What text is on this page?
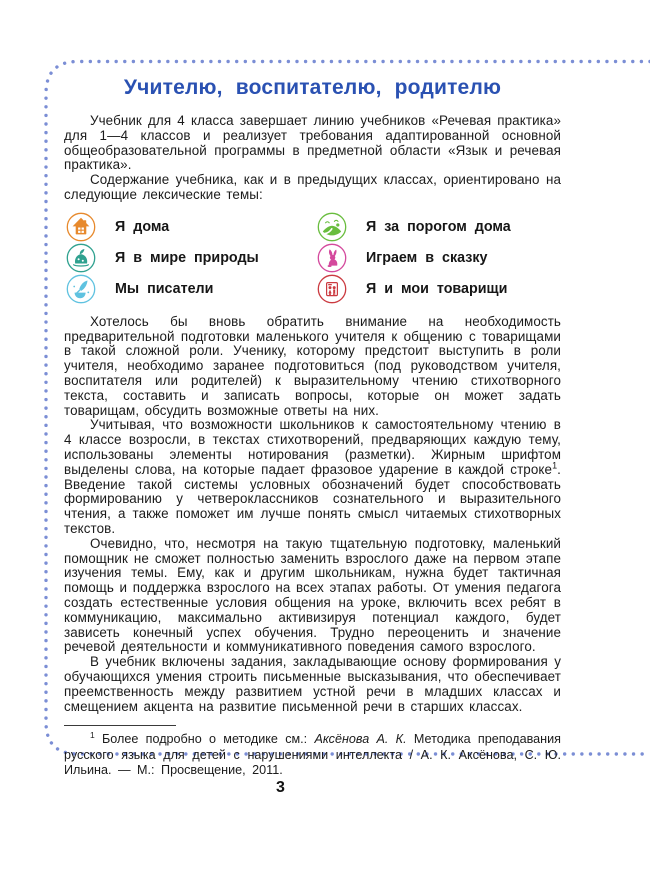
Учителю, воспитателю, родителю

Учебник для 4 класса завершает линию учебников «Речевая практика» для 1—4 классов и реализует требования адаптированной основной общеобразовательной программы в предметной области «Язык и речевая практика».

Содержание учебника, как и в предыдущих классах, ориентировано на следующие лексические темы:

Я дома
Я в мире природы
Мы писатели
Я за порогом дома
Играем в сказку
Я и мои товарищи

Хотелось бы вновь обратить внимание на необходимость предварительной подготовки маленького учителя к общению с товарищами в такой сложной роли. Ученику, которому предстоит выступить в роли учителя, необходимо заранее подготовиться (под руководством учителя, воспитателя или родителей) к выразительному чтению стихотворного текста, составить и записать вопросы, которые он может задать товарищам, обсудить возможные ответы на них.

Учитывая, что возможности школьников к самостоятельному чтению в 4 классе возросли, в текстах стихотворений, предваряющих каждую тему, использованы элементы нотирования (разметки). Жирным шрифтом выделены слова, на которые падает фразовое ударение в каждой строке$^1$. Введение такой системы условных обозначений будет способствовать формированию у четвероклассников сознательного и выразительного чтения, а также поможет им лучше понять смысл читаемых стихотворных текстов.

Очевидно, что, несмотря на такую тщательную подготовку, маленький помощник не сможет полностью заменить взрослого даже на первом этапе изучения темы. Ему, как и другим школьникам, нужна будет тактичная помощь и поддержка взрослого на всех этапах работы. От умения педагога создать естественные условия общения на уроке, включить всех ребят в коммуникацию, максимально активизируя потенциал каждого, будет зависеть конечный успех обучения. Трудно переоценить и значение речевой деятельности и коммуникативного поведения самого взрослого.

В учебник включены задания, закладывающие основу формирования у обучающихся умения строить письменные высказывания, что обеспечивает преемственность между развитием устной речи в младших классах и смещением акцента на развитие письменной речи в старших классах.

$^1$ Более подробно о методике см.: Аксёнова А. К. Методика преподавания русского языка для детей с нарушениями интеллекта / А. К. Аксёнова, С. Ю. Ильина. — М.: Просвещение, 2011.

3
